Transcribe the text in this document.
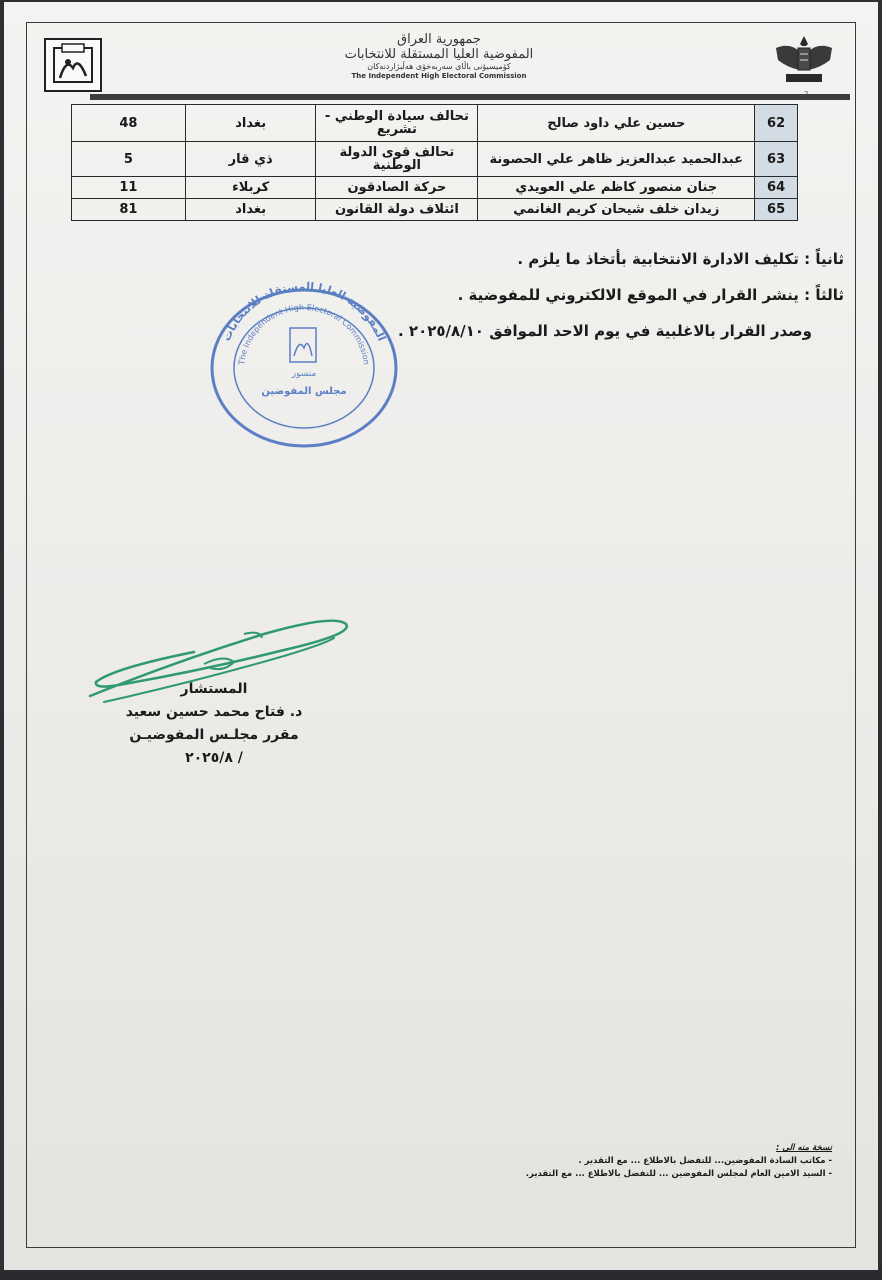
جمهورية العراق
المفوضية العليا المستقلة للانتخابات
كۆمیسیۆنی باڵای سەربەخۆی هەڵبژاردنەکان
The Independent High Electoral Commission
62	حسين علي داود صالح	تحالف سيادة الوطني - تشريع	بغداد	48
63	عبدالحميد عبدالعزيز ظاهر علي الحصونة	تحالف قوى الدولة الوطنية	ذي قار	5
64	جنان منصور كاظم علي العويدي	حركة الصادقون	كربلاء	11
65	زيدان خلف شيحان كريم الغانمي	ائتلاف دولة القانون	بغداد	81
ثانياً : تكليف الادارة الانتخابية بأتخاذ ما يلزم .
ثالثاً : ينشر القرار في الموقع الالكتروني للمفوضية .
وصدر القرار بالاغلبية في يوم الاحد الموافق ٢٠٢٥/٨/١٠ .
المفوضية العليا المستقلة للانتخابات
The Independent High Electoral Commission
منسور
مجلس المفوضين
المستشار
د. فتاح محمد حسين سعيد
مقرر مجلـس المفوضيـن
/ ٢٠٢٥/٨
نسخة منه الى :
- مكاتب السادة المفوضين... للتفضل بالاطلاع ... مع التقدير .
- السيد الامين العام لمجلس المفوضين ... للتفضل بالاطلاع ... مع التقدير.
